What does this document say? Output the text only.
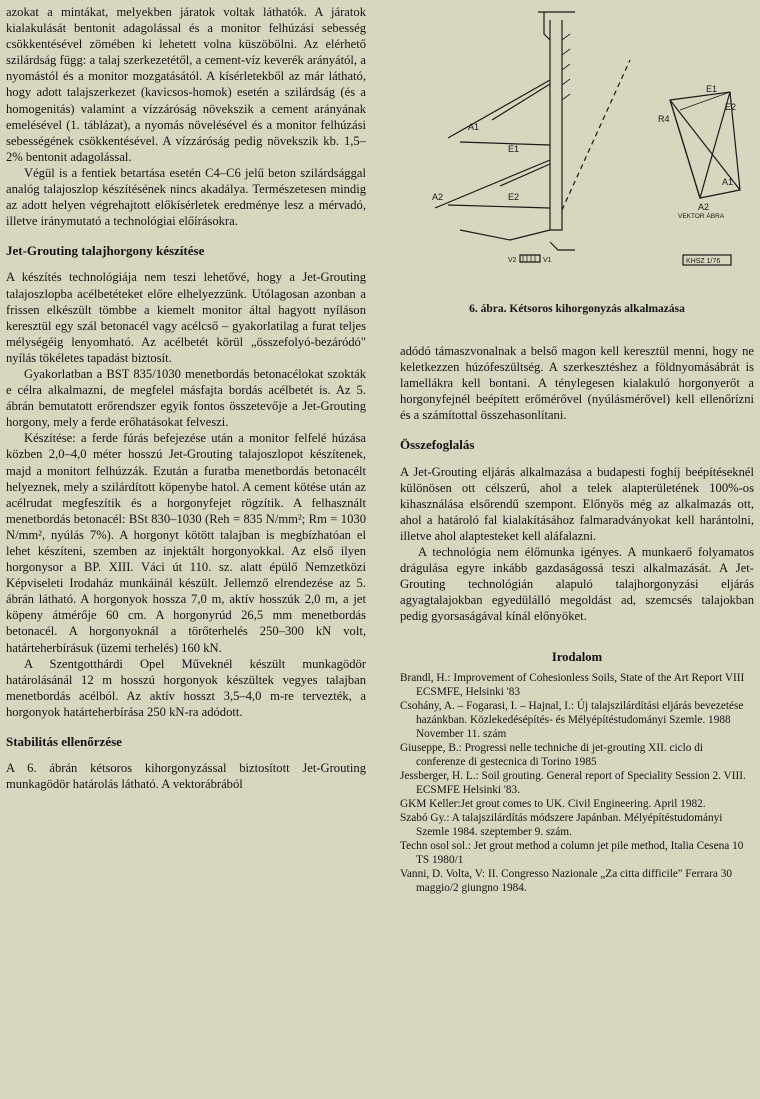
azokat a mintákat, melyekben járatok voltak láthatók. A járatok kialakulását bentonit adagolással és a monitor felhúzási sebesség csökkentésével zömében ki lehetett volna küszöbölni. Az elérhető szilárdság függ: a talaj szerkezetétől, a cement-víz keverék arányától, a nyomástól és a monitor mozgatásától. A kísérletekből az már látható, hogy adott talajszerkezet (kavicsos-homok) esetén a szilárdság (és a homogenitás) valamint a vízzáróság növekszik a cement arányának emelésével (1. táblázat), a nyomás növelésével és a monitor felhúzási sebességének csökkentésével. A vízzáróság pedig növekszik kb. 1,5–2% bentonit adagolással.

Végül is a fentiek betartása esetén C4–C6 jelű beton szilárdsággal analóg talajoszlop készítésének nincs akadálya. Természetesen mindig az adott helyen végrehajtott előkísérletek eredménye lesz a mérvadó, illetve iránymutató a technológiai előírásokra.

Jet-Grouting talajhorgony készítése

A készítés technológiája nem teszi lehetővé, hogy a Jet-Grouting talajoszlopba acélbetéteket előre elhelyezzünk. Utólagosan azonban a frissen elkészült tömbbe a kiemelt monitor által hagyott nyíláson keresztül egy szál betonacél vagy acélcső – gyakorlatilag a furat teljes mélységéig lenyomható. Az acélbetét körül „összefolyó-bezáródó" nyílás tökéletes tapadást biztosít.

Gyakorlatban a BST 835/1030 menetbordás betonacélokat szokták e célra alkalmazni, de megfelel másfajta bordás acélbetét is. Az 5. ábrán bemutatott erőrendszer egyik fontos összetevője a Jet-Grouting horgony, mely a ferde erőhatásokat felveszi.

Készítése: a ferde fúrás befejezése után a monitor felfelé húzása közben 2,0–4,0 méter hosszú Jet-Grouting talajoszlopot készítenek, majd a monitort felhúzzák. Ezután a furatba menetbordás betonacélt helyeznek, mely a szilárdított köpenybe hatol. A cement kötése után az acélrudat megfeszítik és a horgonyfejet rögzítik. A felhasznált menetbordás betonacél: BSt 830–1030 (Reh = 835 N/mm²; Rm = 1030 N/mm², nyúlás 7%). A horgonyt kötött talajban is megbízhatóan el lehet készíteni, szemben az injektált horgonyokkal. Az első ilyen horgonysor a BP. XIII. Váci út 110. sz. alatt épülő Nemzetközi Képviseleti Irodaház munkáinál készült. Jellemző elrendezése az 5. ábrán látható. A horgonyok hossza 7,0 m, aktív hosszúk 2,0 m, a jet köpeny átmérője 60 cm. A horgonyrúd 26,5 mm menetbordás betonacél. A horgonyoknál a törőterhelés 250–300 kN volt, határteherbírásuk (üzemi terhelés) 160 kN.

A Szentgotthárdi Opel Műveknél készült munkagödör határolásánál 12 m hosszú horgonyok készültek vegyes talajban menetbordás acélból. Az aktív hosszt 3,5–4,0 m-re tervezték, a horgonyok határteherbírása 250 kN-ra adódott.

Stabilitás ellenőrzése

A 6. ábrán kétsoros kihorgonyzással biztosított Jet-Grouting munkagödör határolás látható. A vektorábrából

E1
E2
A1
A2
R4
E1
E2
A2
A1
VEKTOR ÁBRA
KHSZ 1/76
V2	V1
6. ábra. Kétsoros kihorgonyzás alkalmazása

adódó támaszvonalnak a belső magon kell keresztül menni, hogy ne keletkezzen húzófeszültség. A szerkesztéshez a földnyomásábrát is lamellákra kell bontani. A ténylegesen kialakuló horgonyerőt a horgonyfejnél beépített erőmérővel (nyúlásmérővel) kell ellenőrízni és a számítottal összehasonlítani.

Összefoglalás

A Jet-Grouting eljárás alkalmazása a budapesti foghíj beépítéseknél különösen ott célszerű, ahol a telek alapterületének 100%-os kihasználása elsőrendű szempont. Előnyös még az alkalmazás ott, ahol a határoló fal kialakításához falmaradványokat kell harántolni, illetve ahol alaptesteket kell aláfalazni.

A technológia nem élőmunka igényes. A munkaerő folyamatos drágulása egyre inkább gazdaságossá teszi alkalmazását. A Jet-Grouting technológián alapuló talajhorgonyzási eljárás agyagtalajokban egyedülálló megoldást ad, szemcsés talajokban pedig gyorsaságával kínál előnyöket.

Irodalom

Brandl, H.: Improvement of Cohesionless Soils, State of the Art Report VIII ECSMFE, Helsinki '83

Csohány, A. – Fogarasi, I. – Hajnal, I.: Új talajszilárdítási eljárás bevezetése hazánkban. Közlekedésépítés- és Mélyépítéstudományi Szemle. 1988 November 11. szám

Giuseppe, B.: Progressi nelle techniche di jet-grouting XII. ciclo di conferenze di gestecnica di Torino 1985

Jessberger, H. L.: Soil grouting. General report of Speciality Session 2. VIII. ECSMFE Helsinki '83.

GKM Keller:Jet grout comes to UK. Civil Engineering. April 1982.

Szabó Gy.: A talajszilárdítás módszere Japánban. Mélyépítéstudományi Szemle 1984. szeptember 9. szám.

Techn osol sol.: Jet grout method a column jet pile method, Italia Cesena 10 TS 1980/1

Vanni, D. Volta, V: II. Congresso Nazionale „Za citta difficile" Ferrara 30 maggio/2 giungno 1984.
